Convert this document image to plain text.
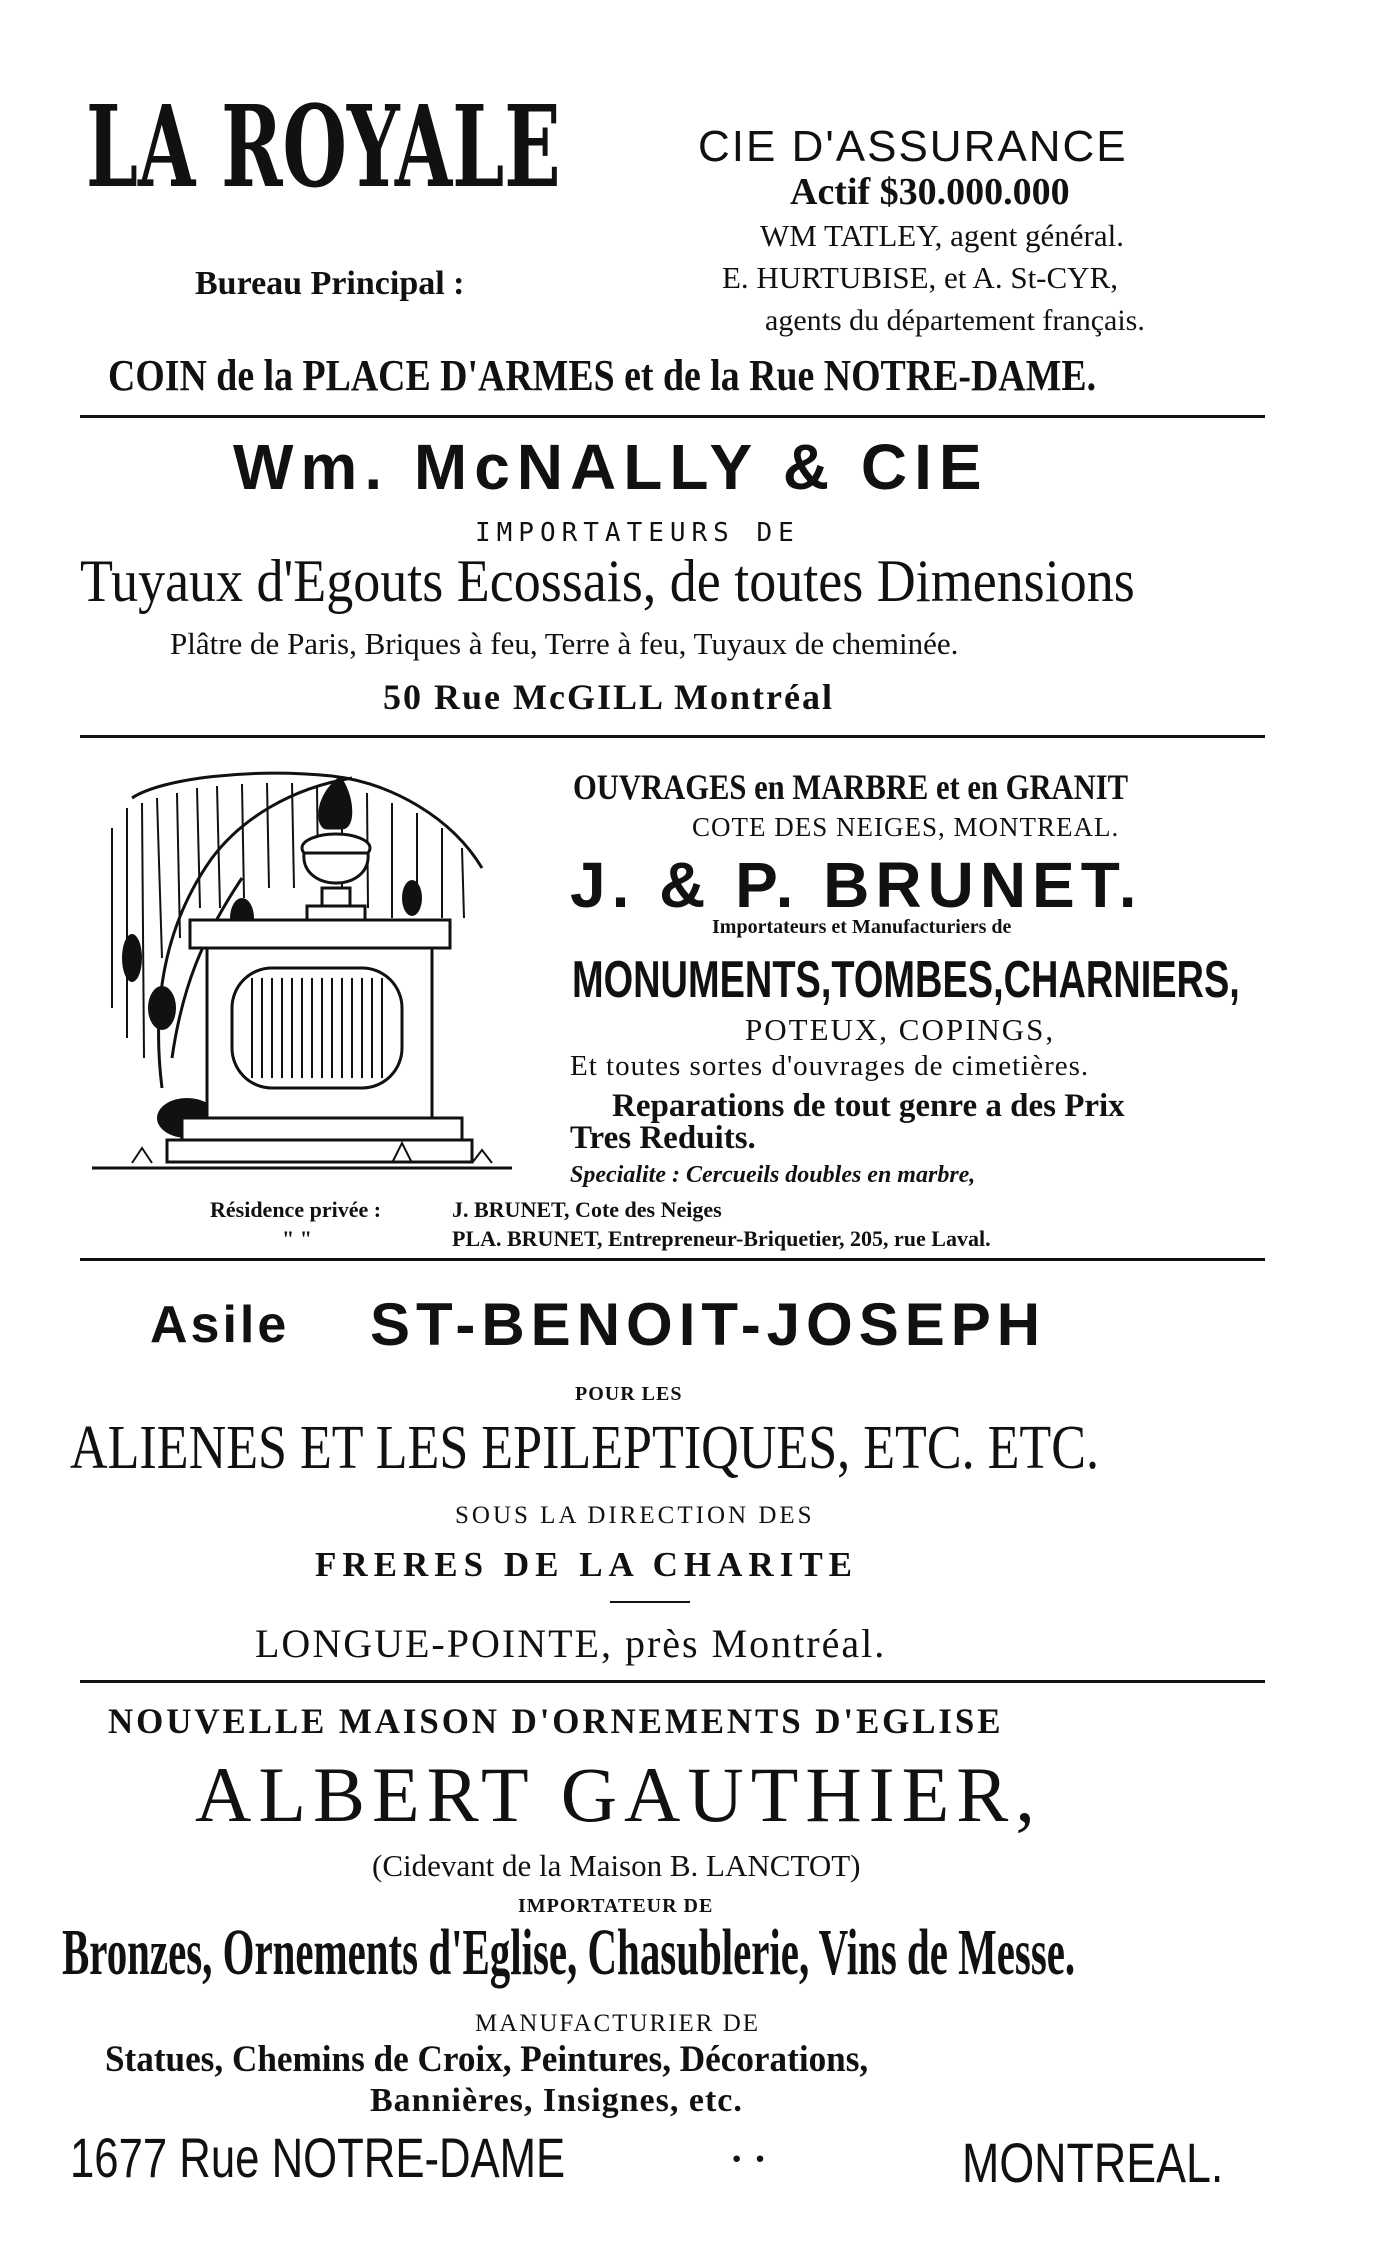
LA ROYALE
Bureau Principal :
CIE D'ASSURANCE
Actif $30.000.000
WM TATLEY, agent général.
E. HURTUBISE, et A. St-CYR,
agents du département français.
COIN de la PLACE D'ARMES et de la Rue NOTRE-DAME.
Wm. McNALLY & CIE
IMPORTATEURS DE
Tuyaux d'Egouts Ecossais, de toutes Dimensions
Plâtre de Paris, Briques à feu, Terre à feu, Tuyaux de cheminée.
50 Rue McGILL Montréal
OUVRAGES en MARBRE et en GRANIT
COTE DES NEIGES, MONTREAL.
J. & P. BRUNET.
Importateurs et Manufacturiers de
MONUMENTS,TOMBES,CHARNIERS,
POTEUX, COPINGS,
Et toutes sortes d'ouvrages de cimetières.
Reparations de tout genre a des Prix
Tres Reduits.
Specialite : Cercueils doubles en marbre,
Résidence privée :	J. BRUNET, Cote des Neiges
" "	PLA. BRUNET, Entrepreneur-Briquetier, 205, rue Laval.
Asile ST-BENOIT-JOSEPH
POUR LES
ALIENES ET LES EPILEPTIQUES, ETC. ETC.
SOUS LA DIRECTION DES
FRERES DE LA CHARITE
LONGUE-POINTE, près Montréal.
NOUVELLE MAISON D'ORNEMENTS D'EGLISE
ALBERT GAUTHIER,
(Cidevant de la Maison B. LANCTOT)
IMPORTATEUR DE
Bronzes, Ornements d'Eglise, Chasublerie, Vins de Messe.
MANUFACTURIER DE
Statues, Chemins de Croix, Peintures, Décorations,
Bannières, Insignes, etc.
1677 Rue NOTRE-DAME	· ·	MONTREAL.
